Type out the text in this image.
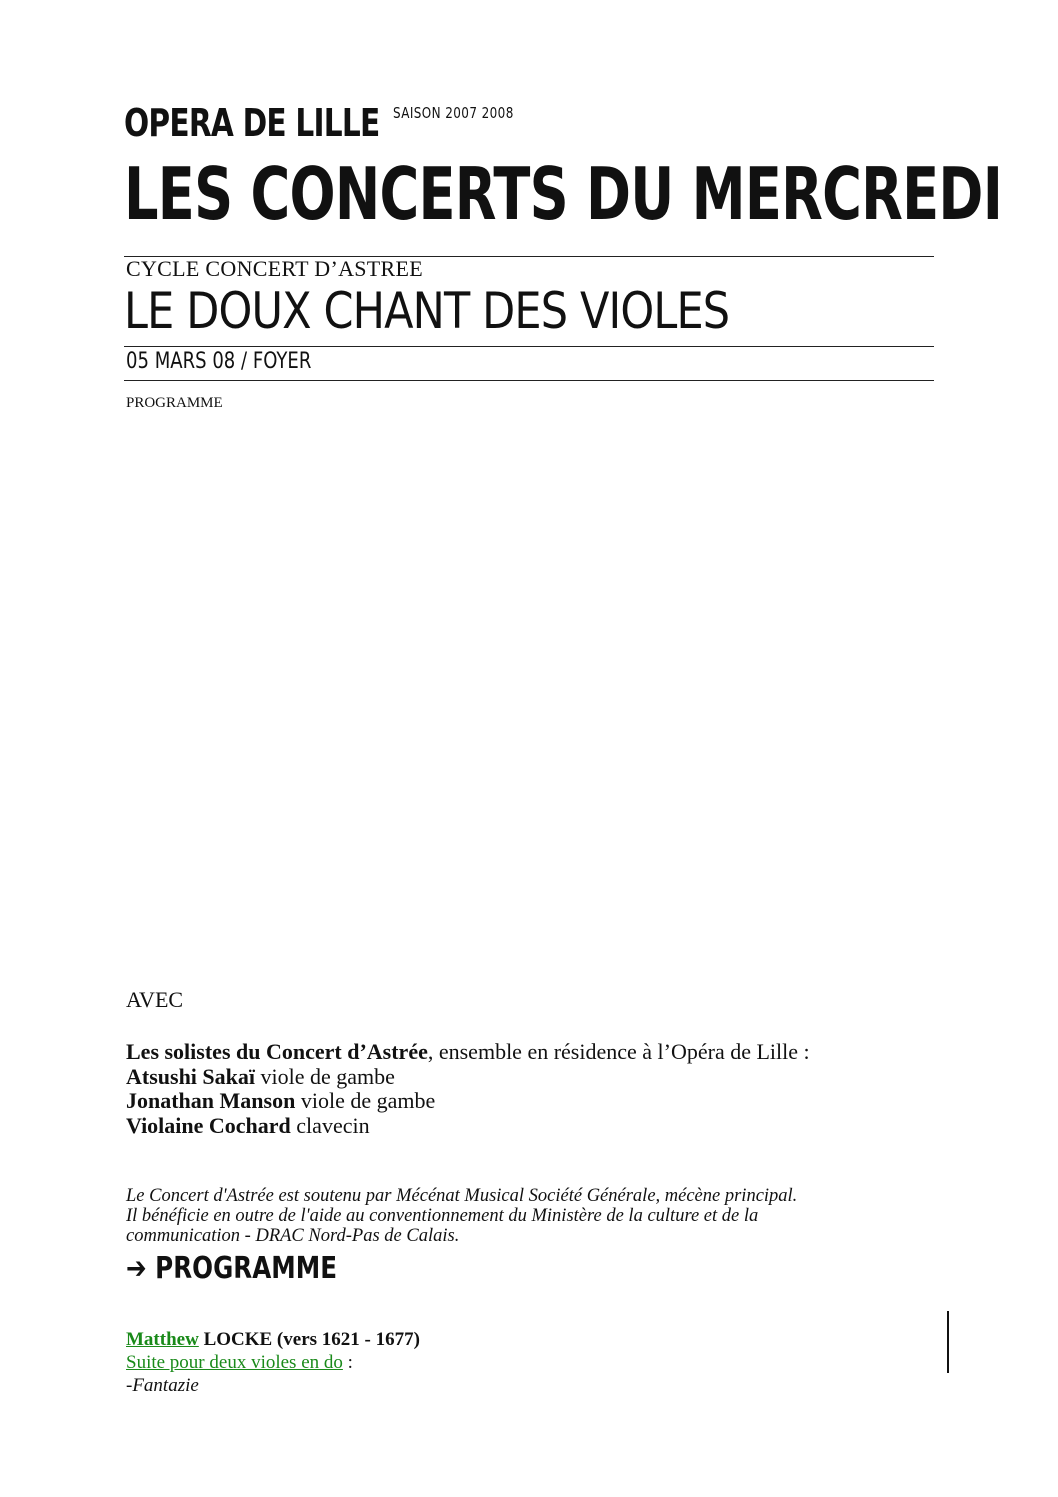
OPERA DE LILLE SAISON 2007 2008
LES CONCERTS DU MERCREDI
CYCLE CONCERT D’ASTREE
LE DOUX CHANT DES VIOLES
05 MARS 08 / FOYER
PROGRAMME
AVEC
Les solistes du Concert d’Astrée, ensemble en résidence à l’Opéra de Lille :
Atsushi Sakaï viole de gambe
Jonathan Manson viole de gambe
Violaine Cochard clavecin
Le Concert d'Astrée est soutenu par Mécénat Musical Société Générale, mécène principal.
Il bénéficie en outre de l'aide au conventionnement du Ministère de la culture et de la
communication - DRAC Nord-Pas de Calais.
➔ PROGRAMME
Matthew LOCKE (vers 1621 - 1677)
Suite pour deux violes en do :
-Fantazie
